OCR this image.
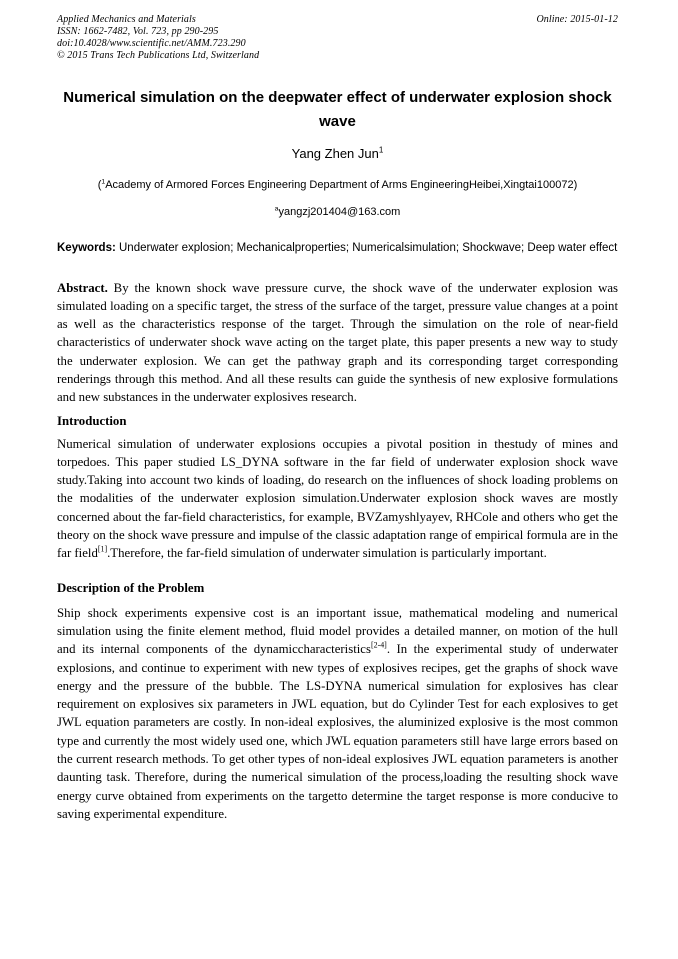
Applied Mechanics and Materials
ISSN: 1662-7482, Vol. 723, pp 290-295
doi:10.4028/www.scientific.net/AMM.723.290
© 2015 Trans Tech Publications Ltd, Switzerland
Online: 2015-01-12
Numerical simulation on the deepwater effect of underwater explosion shock wave
Yang Zhen Jun$^1$
($^1$Academy of Armored Forces Engineering Department of Arms EngineeringHeibei,Xingtai100072)
$^a$yangzj201404@163.com
Keywords: Underwater explosion; Mechanicalproperties; Numericalsimulation; Shockwave; Deep water effect

Abstract. By the known shock wave pressure curve, the shock wave of the underwater explosion was simulated loading on a specific target, the stress of the surface of the target, pressure value changes at a point as well as the characteristics response of the target. Through the simulation on the role of near-field characteristics of underwater shock wave acting on the target plate, this paper presents a new way to study the underwater explosion. We can get the pathway graph and its corresponding target corresponding renderings through this method. And all these results can guide the synthesis of new explosive formulations and new substances in the underwater explosives research.

Introduction

Numerical simulation of underwater explosions occupies a pivotal position in thestudy of mines and torpedoes. This paper studied LS_DYNA software in the far field of underwater explosion shock wave study.Taking into account two kinds of loading, do research on the influences of shock loading problems on the modalities of the underwater explosion simulation.Underwater explosion shock waves are mostly concerned about the far-field characteristics, for example, BVZamyshlyayev, RHCole and others who get the theory on the shock wave pressure and impulse of the classic adaptation range of empirical formula are in the far field[1].Therefore, the far-field simulation of underwater simulation is particularly important.

Description of the Problem

Ship shock experiments expensive cost is an important issue, mathematical modeling and numerical simulation using the finite element method, fluid model provides a detailed manner, on motion of the hull and its internal components of the dynamiccharacteristics[2-4]. In the experimental study of underwater explosions, and continue to experiment with new types of explosives recipes, get the graphs of shock wave energy and the pressure of the bubble. The LS-DYNA numerical simulation for explosives has clear requirement on explosives six parameters in JWL equation, but do Cylinder Test for each explosives to get JWL equation parameters are costly. In non-ideal explosives, the aluminized explosive is the most common type and currently the most widely used one, which JWL equation parameters still have large errors based on the current research methods. To get other types of non-ideal explosives JWL equation parameters is another daunting task. Therefore, during the numerical simulation of the process,loading the resulting shock wave energy curve obtained from experiments on the targetto determine the target response is more conducive to saving experimental expenditure.
